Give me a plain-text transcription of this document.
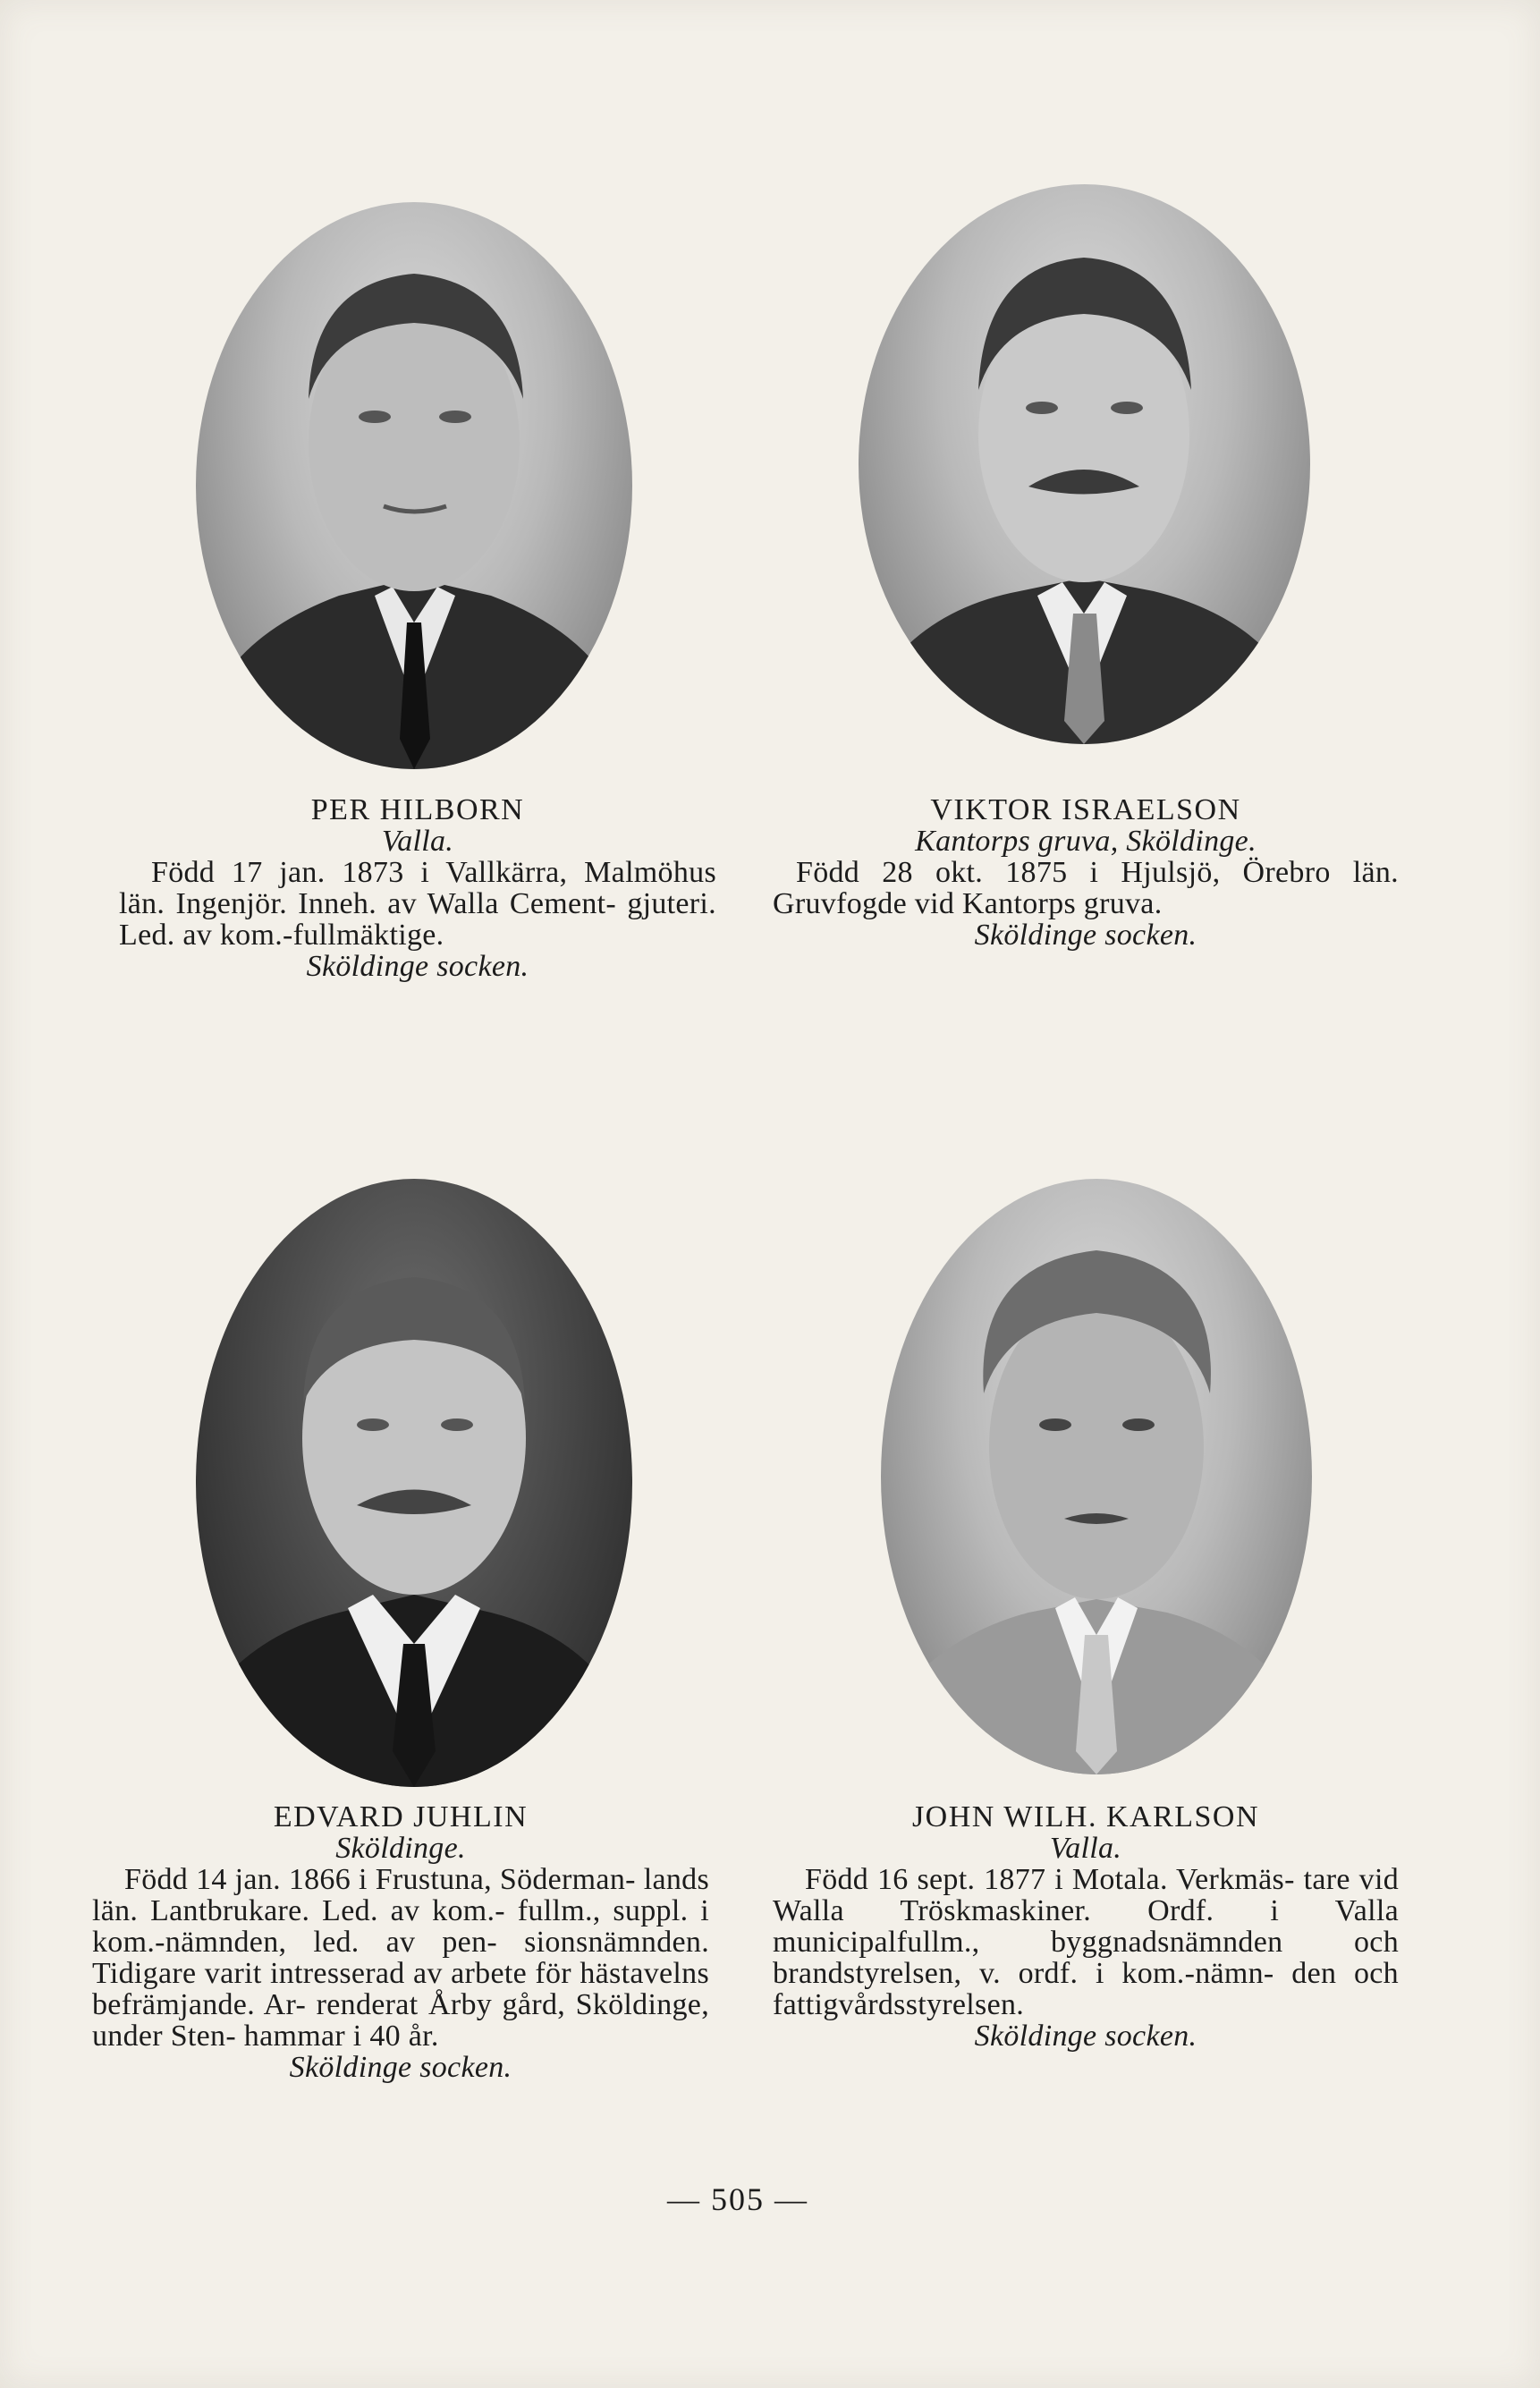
PER HILBORN
Valla.
Född 17 jan. 1873 i Vallkärra, Malmöhus län. Ingenjör. Inneh. av Walla Cement- gjuteri. Led. av kom.-fullmäktige.
Sköldinge socken.
VIKTOR ISRAELSON
Kantorps gruva, Sköldinge.
Född 28 okt. 1875 i Hjulsjö, Örebro län. Gruvfogde vid Kantorps gruva.
Sköldinge socken.
EDVARD JUHLIN
Sköldinge.
Född 14 jan. 1866 i Frustuna, Söderman- lands län. Lantbrukare. Led. av kom.- fullm., suppl. i kom.-nämnden, led. av pen- sionsnämnden. Tidigare varit intresserad av arbete för hästavelns befrämjande. Ar- renderat Årby gård, Sköldinge, under Sten- hammar i 40 år.
Sköldinge socken.
JOHN WILH. KARLSON
Valla.
Född 16 sept. 1877 i Motala. Verkmäs- tare vid Walla Tröskmaskiner. Ordf. i Valla municipalfullm., byggnadsnämnden och brandstyrelsen, v. ordf. i kom.-nämn- den och fattigvårdsstyrelsen.
Sköldinge socken.
— 505 —
